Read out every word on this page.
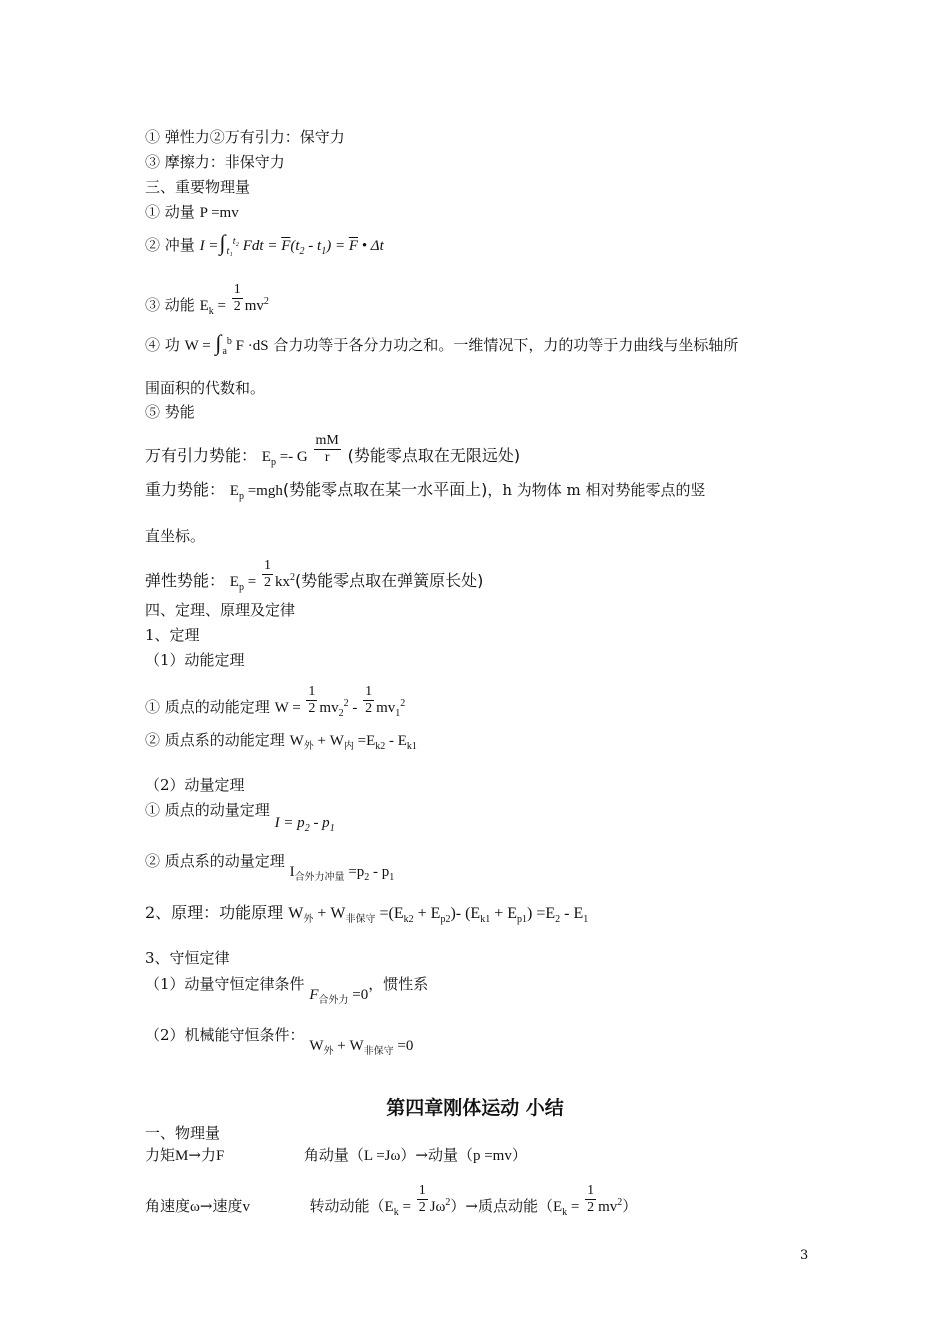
① 弹性力②万有引力：保守力
③ 摩擦力：非保守力
三、重要物理量
① 动量 P =mv
② 冲量 $I =\int_{t_1}^{t_2}$ Fdt = $\overline{F}(t_2 - t_1) = \overline{F}$ • Δt
③ 动能 $E_k = \frac{1}{2} mv^2$
④ 功 $W = \int_a^b$ F ·dS 合力功等于各分力功之和。一维情况下，力的功等于力曲线与坐标轴所
围面积的代数和。
⑤ 势能
万有引力势能： $E_p =- G \frac{mM}{r}$ (势能零点取在无限远处)
重力势能： $E_p =mgh$(势能零点取在某一水平面上)，h 为物体 m 相对势能零点的竖
直坐标。
弹性势能： $E_p = \frac{1}{2} kx^2$(势能零点取在弹簧原长处)
四、定理、原理及定律
1、定理
（1）动能定理
① 质点的动能定理 $W = \frac{1}{2} mv_2^2 - \frac{1}{2} mv_1^2$
② 质点系的动能定理 $W_外 + W_内 =E_{k2} - E_{k1}$
（2）动量定理
① 质点的动量定理 $I = p_2 - p_1$
② 质点系的动量定理 $I_{合外力冲量} =p_2 - p_1$
2、原理：功能原理 $W_外 + W_{非保守} =(E_{k2} + E_{p2})-$ $(E_{k1} + E_{p1}) =E_2 - E_1$
3、守恒定律
（1）动量守恒定律条件 $F_{合外力} =0$，惯性系
（2）机械能守恒条件： $W_外 + W_{非保守} =0$
第四章刚体运动 小结
一、物理量
力矩M→力F	角动量（L =Jω）→动量（p =mv）
角速度ω→速度v	转动动能$(E_k = \frac{1}{2} J\omega^2)\to$质点动能$(E_k = \frac{1}{2} mv^2)$
3
